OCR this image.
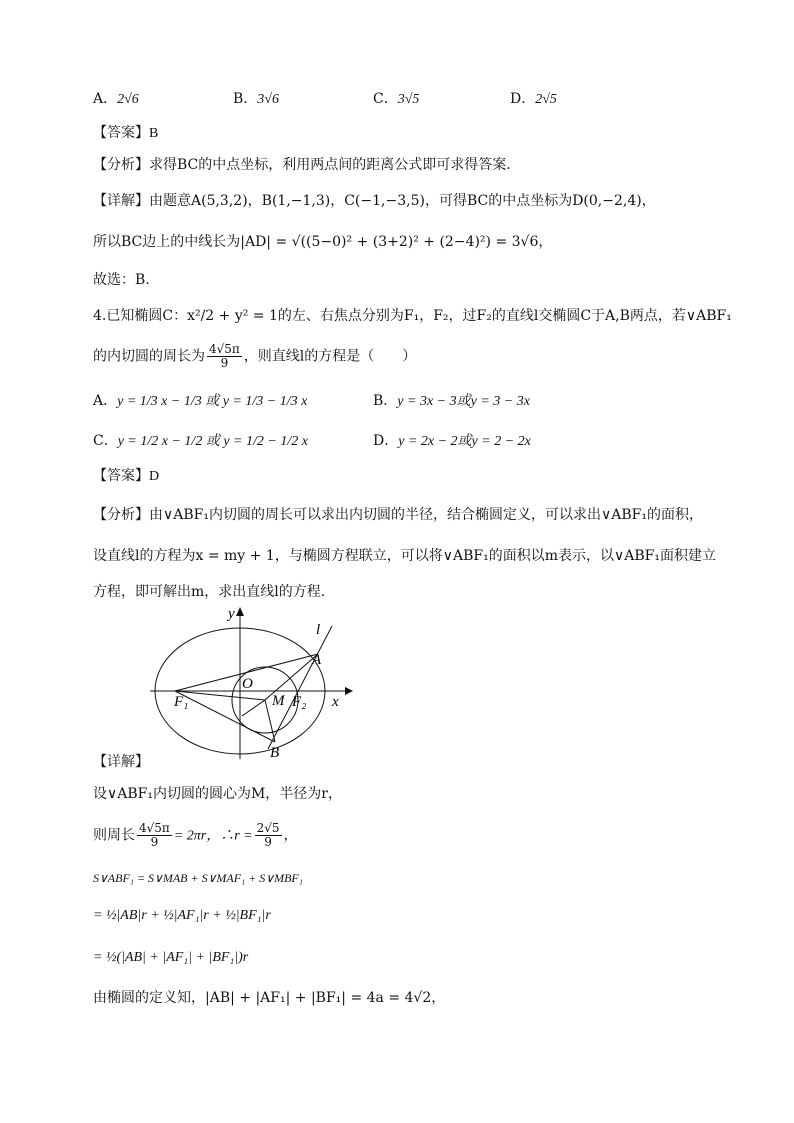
A．2√6	B．3√6	C．3√5	D．2√5
【答案】B
【分析】求得BC的中点坐标，利用两点间的距离公式即可求得答案.
【详解】由题意A(5,3,2)，B(1,−1,3)，C(−1,−3,5)，可得BC的中点坐标为D(0,−2,4)，
所以BC边上的中线长为|AD| = √((5−0)² + (3+2)² + (2−4)²) = 3√6，
故选：B.
4.已知椭圆C：x²/2 + y² = 1的左、右焦点分别为F₁，F₂，过F₂的直线l交椭圆C于A,B两点，若∨ABF₁
的内切圆的周长为 $\frac{4√5\pi}{9}$ ，则直线l的方程是（　　）
A．y = 1/3 x − 1/3 或 y = 1/3 − 1/3 x	B．y = 3x − 3或y = 3 − 3x
C．y = 1/2 x − 1/2 或 y = 1/2 − 1/2 x	D．y = 2x − 2或y = 2 − 2x
【答案】D
【分析】由∨ABF₁内切圆的周长可以求出内切圆的半径，结合椭圆定义，可以求出∨ABF₁的面积，
设直线l的方程为x = my + 1，与椭圆方程联立，可以将∨ABF₁的面积以m表示，以∨ABF₁面积建立
方程，即可解出m，求出直线l的方程.
y
x
l
A
O
M
F₁	F₂
B
【详解】
设∨ABF₁内切圆的圆心为M，半径为r，
则周长 $\frac{4√5\pi}{9} = 2\pi r$，∴r = $\frac{2√5}{9}$ ，
S∨ABF₁ = S∨MAB + S∨MAF₁ + S∨MBF₁
= ½|AB|r + ½|AF₁|r + ½|BF₁|r
= ½(|AB| + |AF₁| + |BF₁|)r
由椭圆的定义知，|AB| + |AF₁| + |BF₁| = 4a = 4√2，
